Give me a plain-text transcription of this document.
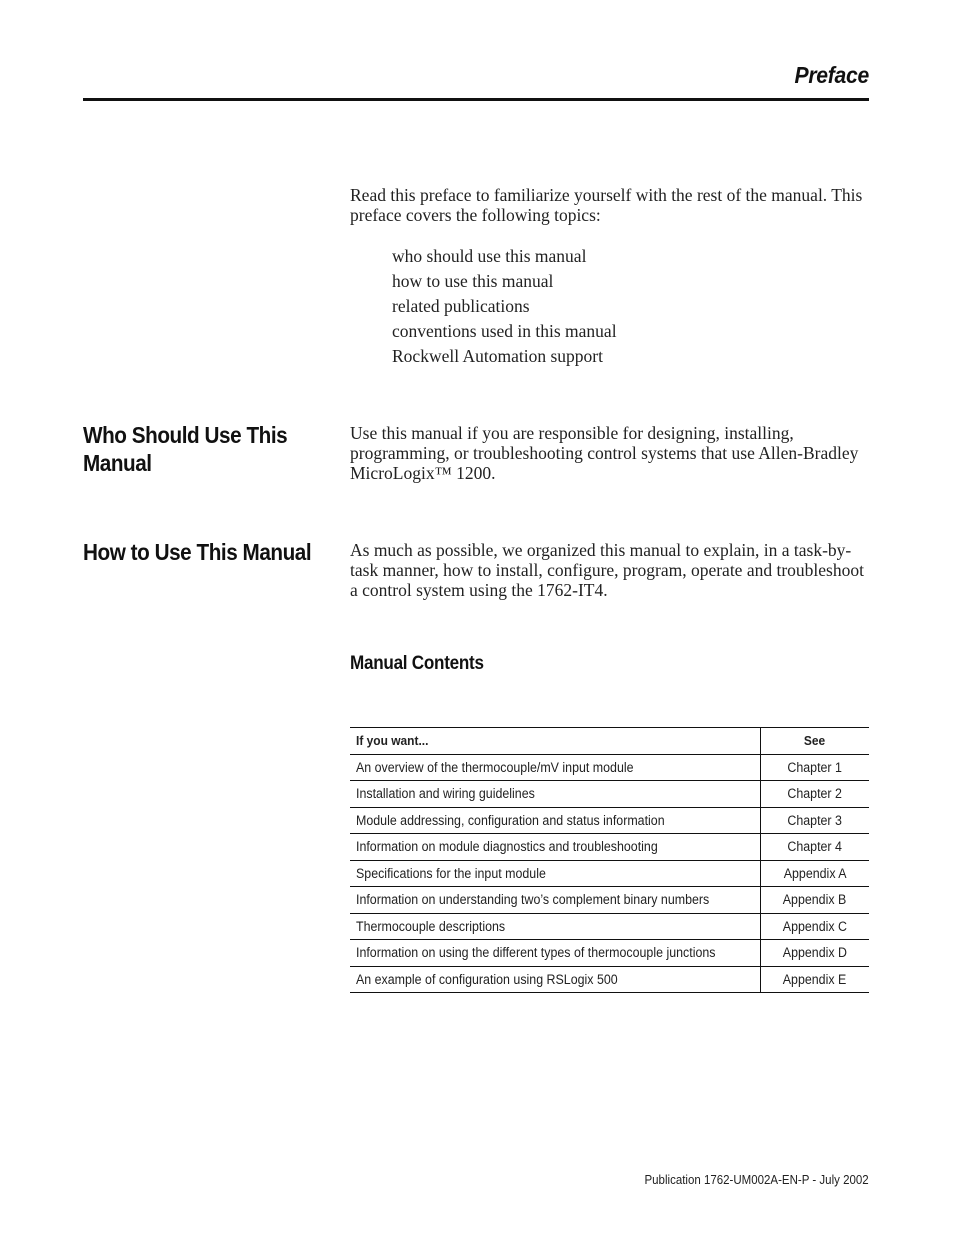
Preface
Read this preface to familiarize yourself with the rest of the manual. This preface covers the following topics:
who should use this manual
how to use this manual
related publications
conventions used in this manual
Rockwell Automation support
Who Should Use This Manual
Use this manual if you are responsible for designing, installing, programming, or troubleshooting control systems that use Allen-Bradley MicroLogix™ 1200.
How to Use This Manual As much as possible, we organized this manual to explain, in a task-by-task manner, how to install, configure, program, operate and troubleshoot a control system using the 1762-IT4.
Manual Contents
If you want...	See
An overview of the thermocouple/mV input module	Chapter 1
Installation and wiring guidelines	Chapter 2
Module addressing, configuration and status information	Chapter 3
Information on module diagnostics and troubleshooting	Chapter 4
Specifications for the input module	Appendix A
Information on understanding two’s complement binary numbers	Appendix B
Thermocouple descriptions	Appendix C
Information on using the different types of thermocouple junctions	Appendix D
An example of configuration using RSLogix 500	Appendix E
Publication 1762-UM002A-EN-P - July 2002
